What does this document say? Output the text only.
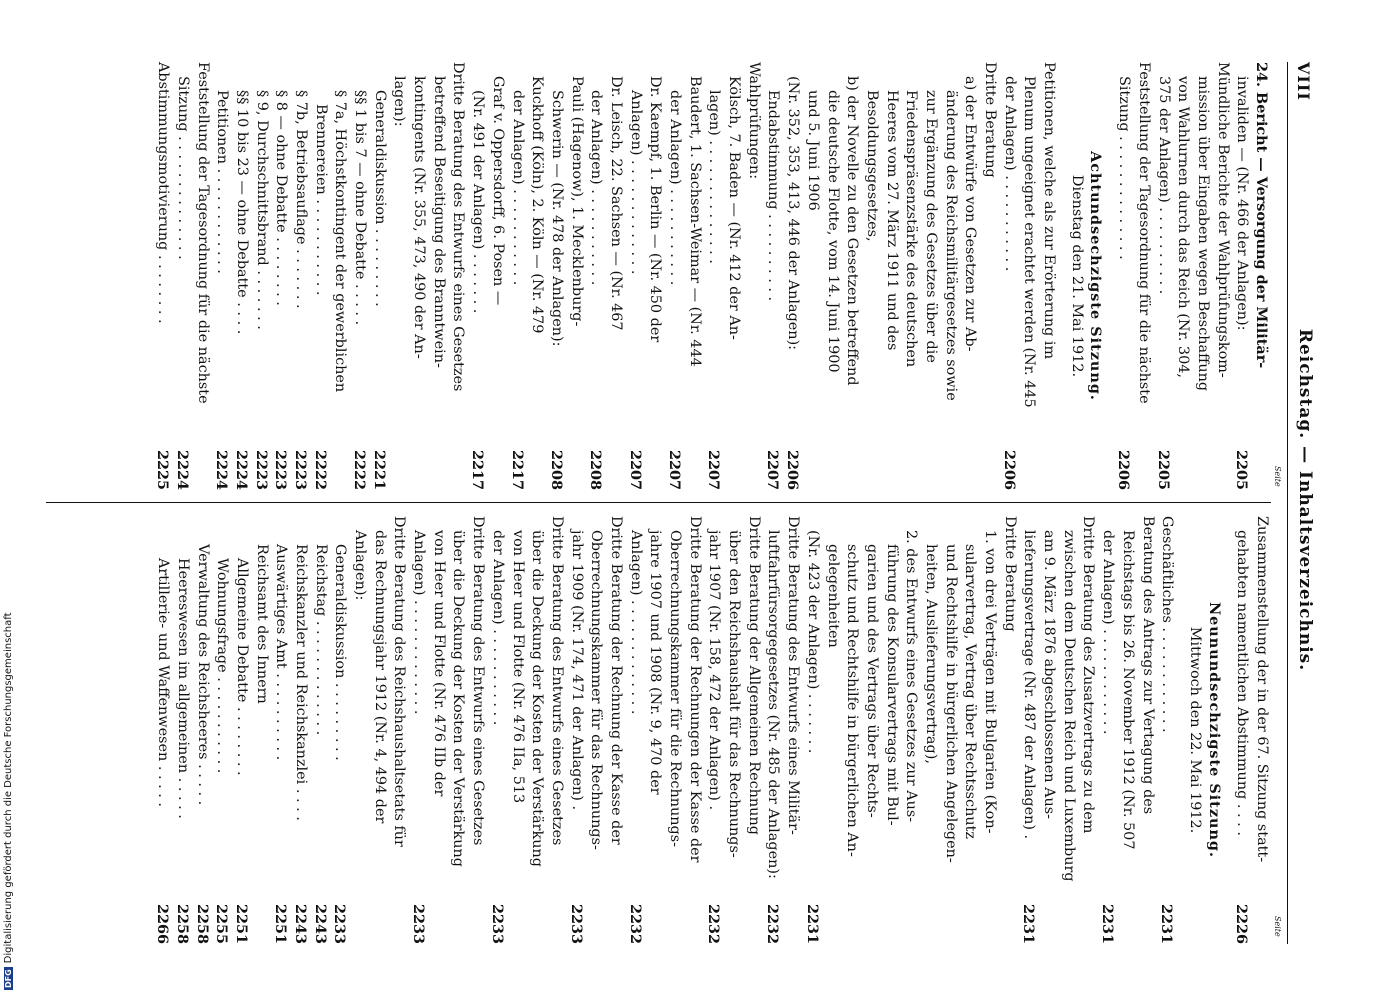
VIII
Reichstag. — Inhaltsverzeichnis.
Seite
Seite
24. Bericht — Versorgung der Militär-
invaliden — (Nr. 466 der Anlagen):
2205
Mündliche Berichte der Wahlprüfungskom-
mission über Eingaben wegen Beschaffung
von Wahlurnen durch das Reich (Nr. 304,
375 der Anlagen) . . . . . . . . . .
2205
Feststellung der Tagesordnung für die nächste
Sitzung . . . . . . . . . . . . . .
2206
Achtundsechzigste Sitzung.
Dienstag den 21. Mai 1912.
Petitionen, welche als zur Erörterung im
Plenum ungeeignet erachtet werden (Nr. 445
der Anlagen) . . . . . . . . . . .
2206
Dritte Beratung
a) der Entwürfe von Gesetzen zur Ab-
änderung des Reichsmilitärgesetzes sowie
zur Ergänzung des Gesetzes über die
Friedenspräsenzstärke des deutschen
Heeres vom 27. März 1911 und des
Besoldungsgesetzes,
b) der Novelle zu den Gesetzen betreffend
die deutsche Flotte, vom 14. Juni 1900
und 5. Juni 1906
(Nr. 352, 353, 413, 446 der Anlagen):
2206
Endabstimmung . . . . . . . . . .
2207
Wahlprüfungen:
Kölsch, 7. Baden — (Nr. 412 der An-
lagen) . . . . . . . . . . . . . .
2207
Baudert, 1. Sachsen-Weimar — (Nr. 444
der Anlagen) . . . . . . . . . . .
2207
Dr. Kaempf, 1. Berlin — (Nr. 450 der
Anlagen) . . . . . . . . . . . . .
2207
Dr. Leisch, 22. Sachsen — (Nr. 467
der Anlagen) . . . . . . . . . . .
2208
Pauli (Hagenow), 1. Mecklenburg-
Schwerin — (Nr. 478 der Anlagen):
2208
Kuckhoff (Köln), 2. Köln — (Nr. 479
der Anlagen) . . . . . . . . . . .
2217
Graf v. Oppersdorff, 6. Posen —
(Nr. 491 der Anlagen) . . . . . . .
2217
Dritte Beratung des Entwurfs eines Gesetzes
betreffend Beseitigung des Branntwein-
kontingents (Nr. 355, 473, 490 der An-
lagen):
Generaldiskussion . . . . . . . . .
2221
§§ 1 bis 7 — ohne Debatte . . . . .
2222
§ 7a, Höchstkontingent der gewerblichen
Brennereien . . . . . . . . . . .
2222
§ 7b, Betriebsauflage . . . . . . .
2223
§ 8 — ohne Debatte . . . . . . . .
2223
§ 9, Durchschnittsbrand . . . . . . .
2223
§§ 10 bis 23 — ohne Debatte . . . .
2224
Petitionen . . . . . . . . . . . .
2224
Feststellung der Tagesordnung für die nächste
Sitzung . . . . . . . . . . . . . .
2224
Abstimmungsmotivierung . . . . . . . .
2225
Zusammenstellung der in der 67. Sitzung statt-
gehabten namentlichen Abstimmung . . . .
2226
Neunundsechzigste Sitzung.
Mittwoch den 22. Mai 1912.
Geschäftliches . . . . . . . . . . . .
2231
Beratung des Antrags zur Vertagung des
Reichstags bis 26. November 1912 (Nr. 507
der Anlagen) . . . . . . . . . . . .
2231
Dritte Beratung des Zusatzvertrags zu dem
zwischen dem Deutschen Reich und Luxemburg
am 9. März 1876 abgeschlossenen Aus-
lieferungsvertrage (Nr. 487 der Anlagen) .
2231
Dritte Beratung
1. von drei Verträgen mit Bulgarien (Kon-
sularvertrag, Vertrag über Rechtsschutz
und Rechtshilfe in bürgerlichen Angelegen-
heiten, Auslieferungsvertrag),
2. des Entwurfs eines Gesetzes zur Aus-
führung des Konsularvertrags mit Bul-
garien und des Vertrags über Rechts-
schutz und Rechtshilfe in bürgerlichen An-
gelegenheiten
(Nr. 423 der Anlagen) . . . . . . .
2231
Dritte Beratung des Entwurfs eines Militär-
luftfahrfürsorgegesetzes (Nr. 485 der Anlagen):
2232
Dritte Beratung der Allgemeinen Rechnung
über den Reichshaushalt für das Rechnungs-
jahr 1907 (Nr. 158, 472 der Anlagen) .
2232
Dritte Beratung der Rechnungen der Kasse der
Oberrechnungskammer für die Rechnungs-
jahre 1907 und 1908 (Nr. 9, 470 der
Anlagen) . . . . . . . . . . . . .
2232
Dritte Beratung der Rechnung der Kasse der
Oberrechnungskammer für das Rechnungs-
jahr 1909 (Nr. 174, 471 der Anlagen) .
2233
Dritte Beratung des Entwurfs eines Gesetzes
über die Deckung der Kosten der Verstärkung
von Heer und Flotte (Nr. 476 IIa, 513
der Anlagen) . . . . . . . . . . .
2233
Dritte Beratung des Entwurfs eines Gesetzes
über die Deckung der Kosten der Verstärkung
von Heer und Flotte (Nr. 476 IIb der
Anlagen) . . . . . . . . . . . . .
2233
Dritte Beratung des Reichshaushaltsetats für
das Rechnungsjahr 1912 (Nr. 4, 494 der
Anlagen):
Generaldiskussion . . . . . . . . .
2233
Reichstag . . . . . . . . . . . . .
2243
Reichskanzler und Reichskanzlei . . . .
2243
Auswärtiges Amt . . . . . . . . . .
2251
Reichsamt des Innern
Allgemeine Debatte . . . . . . . .
2251
Wohnungsfrage . . . . . . . . . . .
2255
Verwaltung des Reichsheeres . . . . .
2258
Heereswesen im allgemeinen . . . . .
2258
Artillerie- und Waffenwesen . . . . .
2266
DFGDigitalisierung gefördert durch die Deutsche Forschungsgemeinschaft
